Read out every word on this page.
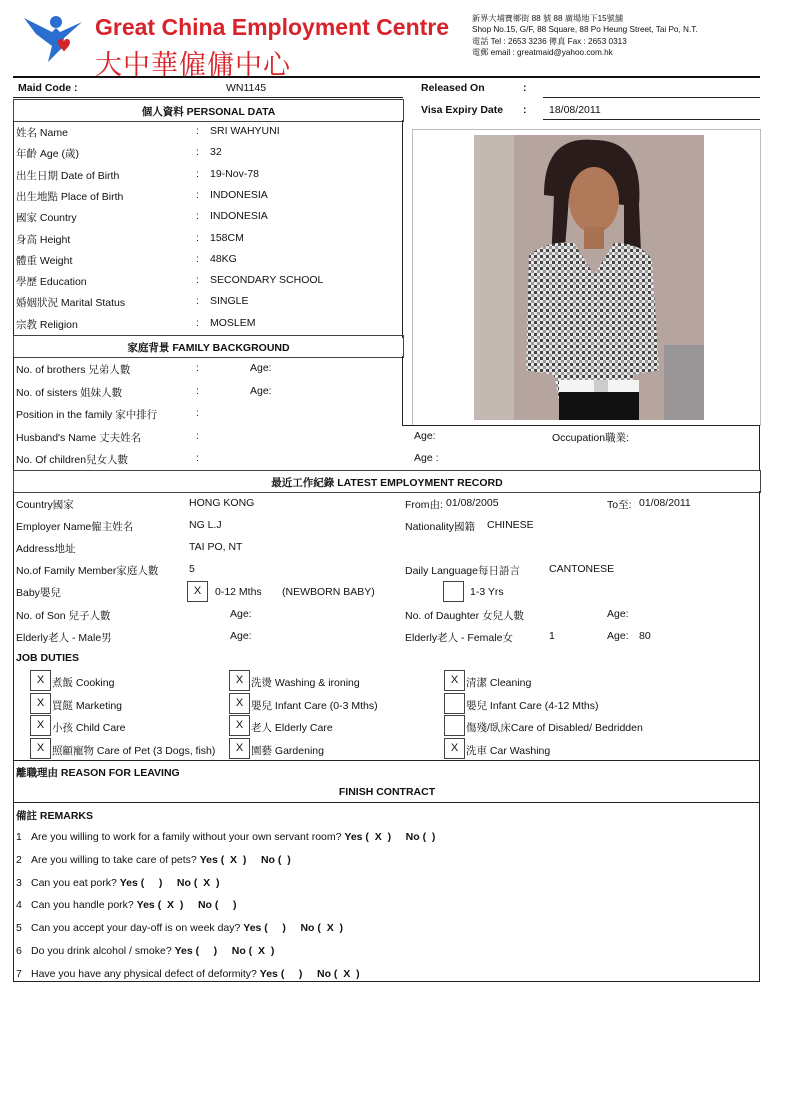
Great China Employment Centre
大中華僱傭中心
新界大埔寶鄉街 88 號 88 廣場地下15號舖
Shop No.15, G/F, 88 Square, 88 Po Heung Street, Tai Po, N.T.
電話 Tel : 2653 3236 傳真 Fax : 2653 0313
電郵 email : greatmaid@yahoo.com.hk
Maid Code :	WN1145	Released On	:
Visa Expiry Date : 18/08/2011
個人資料 PERSONAL DATA
姓名 Name	: SRI WAHYUNI
年齡 Age (歲)	: 32
出生日期 Date of Birth	: 19-Nov-78
出生地點 Place of Birth	: INDONESIA
國家 Country	: INDONESIA
身高 Height	: 158CM
體重 Weight	: 48KG
學歷 Education	: SECONDARY SCHOOL
婚姻狀況 Marital Status	: SINGLE
宗教 Religion	: MOSLEM
家庭背景 FAMILY BACKGROUND
No. of brothers 兄弟人數	:	Age:
No. of sisters 姐妹人數	:	Age:
Position in the family 家中排行	:
Husband's Name 丈夫姓名	:	Age:	Occupation職業:
No. Of children兒女人數	:	Age :
最近工作紀錄 LATEST EMPLOYMENT RECORD
Country國家	HONG KONG	From由: 01/08/2005	To至: 01/08/2011
Employer Name僱主姓名	NG L.J	Nationality國籍 CHINESE
Address地址	TAI PO, NT
No.of Family Member家庭人數	5	Daily Language每日語言	CANTONESE
Baby嬰兒	X	0-12 Mths (NEWBORN BABY)	1-3 Yrs
No. of Son 兒子人數	Age:	No. of Daughter 女兒人數	Age:
Elderly老人 - Male男	Age:	Elderly老人 - Female女	1	Age: 80
JOB DUTIES
X 煮飯 Cooking	X 洗燙 Washing & ironing	X 清潔 Cleaning
X 買餸 Marketing	X 嬰兒 Infant Care (0-3 Mths)	嬰兒 Infant Care (4-12 Mths)
X 小孩 Child Care	X 老人 Elderly Care	傷殘/臥床Care of Disabled/ Bedridden
X 照顧寵物 Care of Pet (3 Dogs, fish)	X 園藝 Gardening	X 洗車 Car Washing
離職理由 REASON FOR LEAVING
FINISH CONTRACT
備註 REMARKS
1 Are you willing to work for a family without your own servant room? Yes (  X  )     No (  )
2 Are you willing to take care of pets? Yes (  X  )     No (  )
3 Can you eat pork? Yes (     )     No (  X  )
4 Can you handle pork? Yes (  X  )     No (     )
5 Can you accept your day-off is on week day? Yes (     )     No (  X  )
6 Do you drink alcohol / smoke? Yes (     )     No (  X  )
7 Have you have any physical defect of deformity? Yes (     )     No (  X  )
